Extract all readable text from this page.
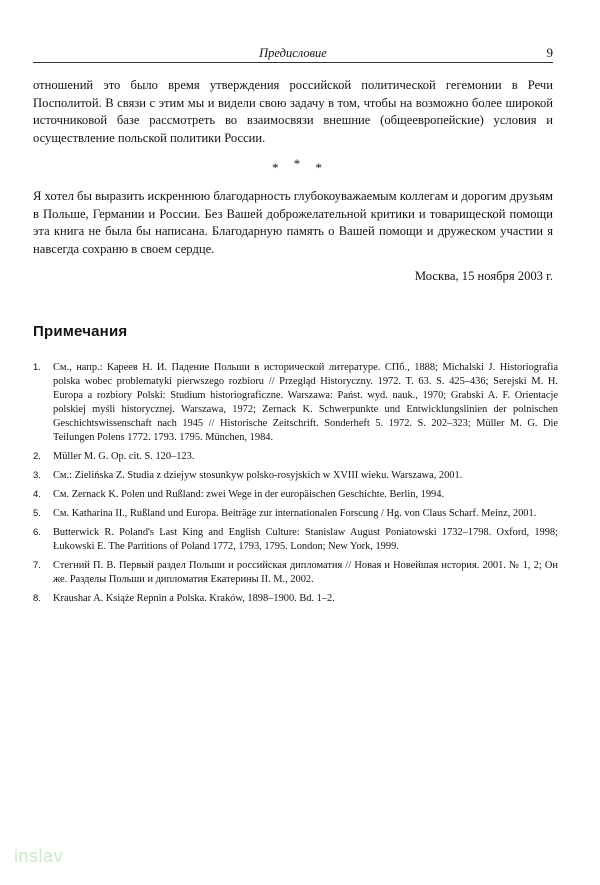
Предисловие	9

отношений это было время утверждения российской политической гегемонии в Речи Посполитой. В связи с этим мы и видели свою задачу в том, чтобы на возможно более широкой источниковой базе рассмотреть во взаимосвязи внешние (общеевропейские) условия и осуществление польской политики России.

* * *

Я хотел бы выразить искреннюю благодарность глубокоуважаемым коллегам и дорогим друзьям в Польше, Германии и России. Без Вашей доброжелательной критики и товарищеской помощи эта книга не была бы написана. Благодарную память о Вашей помощи и дружеском участии я навсегда сохраню в своем сердце.

Москва, 15 ноября 2003 г.
Примечания
1. См., напр.: Кареев Н. И. Падение Польши в исторической литературе. СПб., 1888; Michalski J. Historiografia polska wobec problematyki pierwszego rozbioru // Przegląd Historyczny. 1972. T. 63. S. 425–436; Serejski M. H. Europa a rozbiory Polski: Studium historiograficzne. Warszawa: Państ. wyd. nauk., 1970; Grabski A. F. Orientacje polskiej myśli historycznej. Warszawa, 1972; Zernack K. Schwerpunkte und Entwicklungslinien der polnischen Geschichtswissenschaft nach 1945 // Historische Zeitschrift. Sonderheft 5. 1972. S. 202–323; Müller M. G. Die Teilungen Polens 1772. 1793. 1795. München, 1984.
2. Müller M. G. Op. cit. S. 120–123.
3. См.: Zielińska Z. Studia z dziejyw stosunkyw polsko-rosyjskich w XVIII wieku. Warszawa, 2001.
4. См. Zernack K. Polen und Rußland: zwei Wege in der europäischen Geschichte. Berlin, 1994.
5. См. Katharina II., Rußland und Europa. Beiträge zur internationalen Forscung / Hg. von Claus Scharf. Meinz, 2001.
6. Butterwick R. Poland's Last King and English Culture: Stanislaw August Poniatowski 1732–1798. Oxford, 1998; Łukowski E. The Partitions of Poland 1772, 1793, 1795. London; New York, 1999.
7. Стегний П. В. Первый раздел Польши и российская дипломатия // Новая и Новейшая история. 2001. № 1, 2; Он же. Разделы Польши и дипломатия Екатерины II. М., 2002.
8. Kraushar A. Książe Repnin a Polska. Kraków, 1898–1900. Bd. 1–2.
inslav
